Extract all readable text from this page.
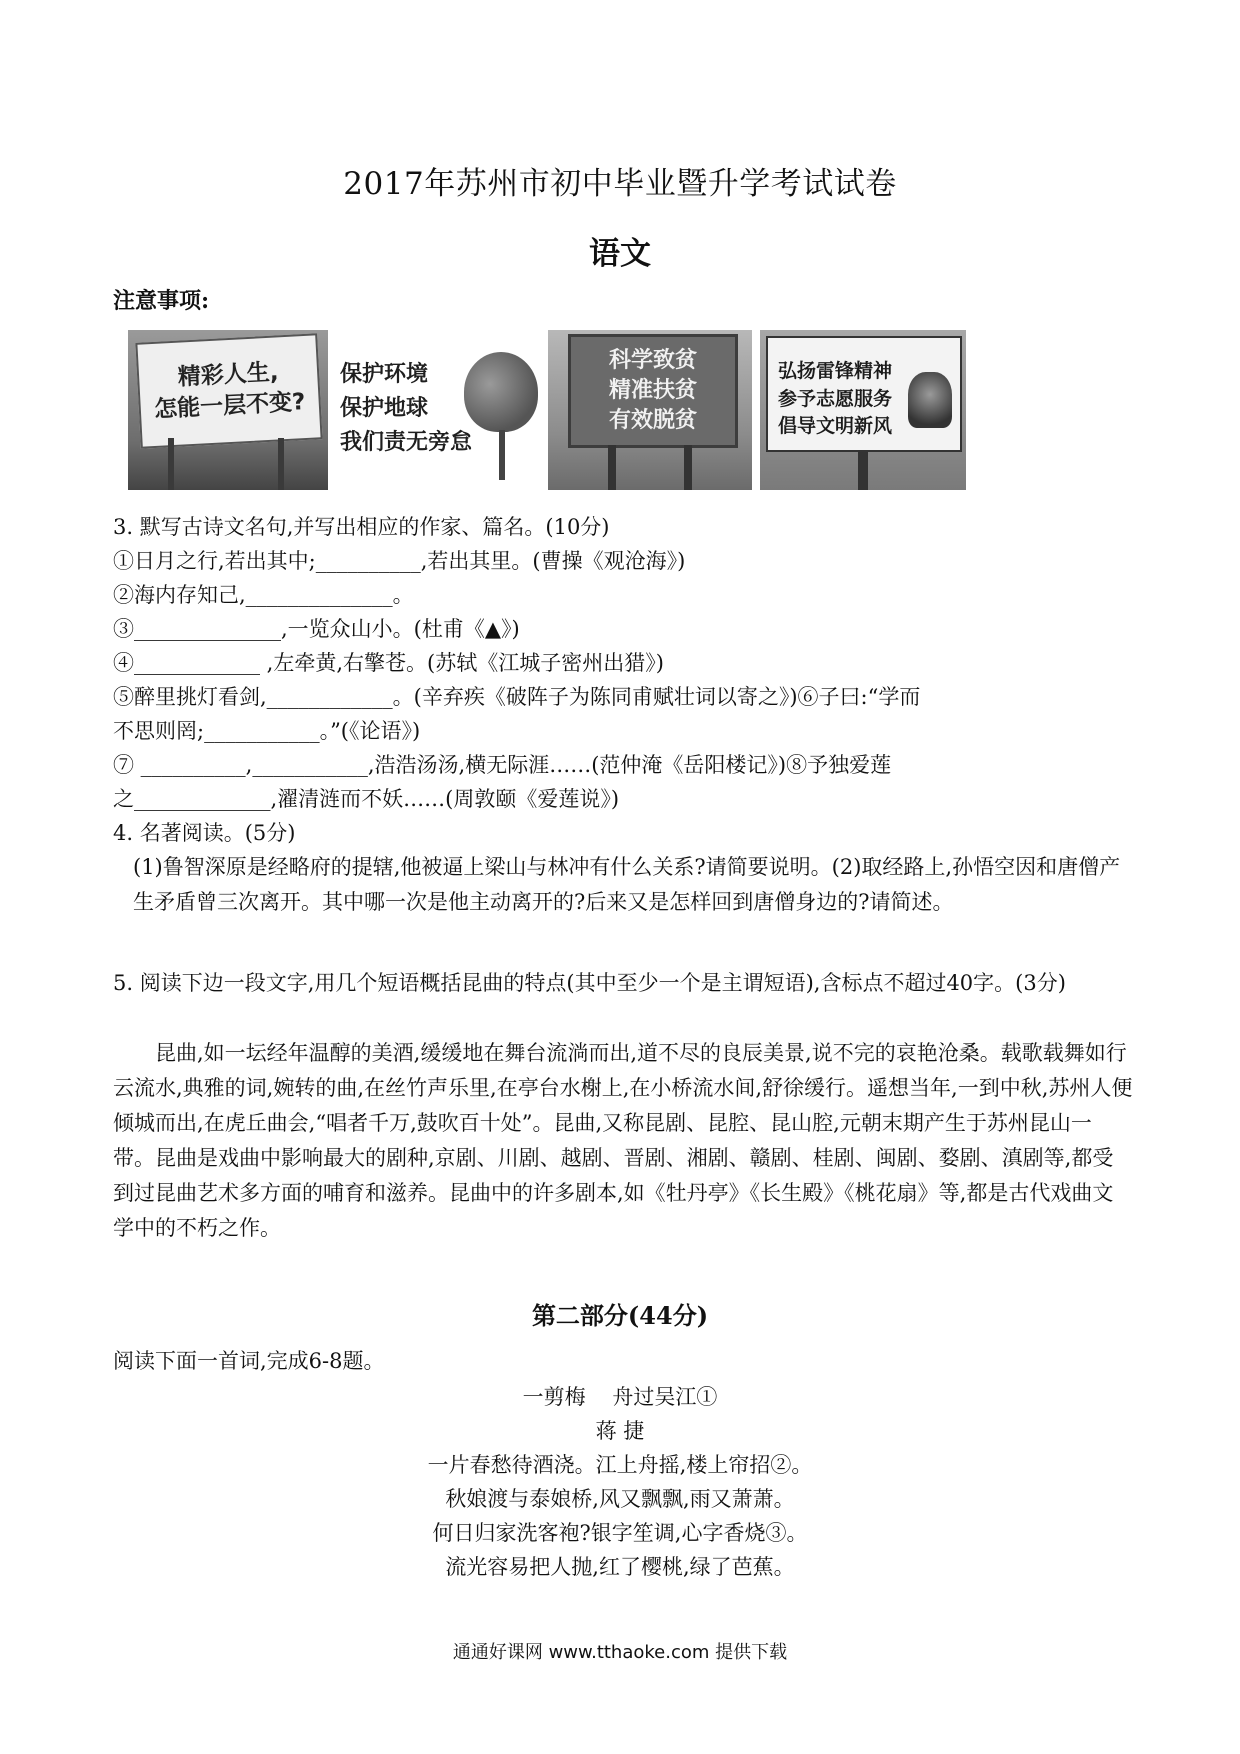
2017年苏州市初中毕业暨升学考试试卷
语文
注意事项:
精彩人生,
怎能一层不变?
保护环境
保护地球
我们责无旁怠
科学致贫
精准扶贫
有效脱贫
弘扬雷锋精神
参予志愿服务
倡导文明新风
3. 默写古诗文名句,并写出相应的作家、篇名。(10分)
①日月之行,若出其中;__________,若出其里。(曹操《观沧海》)
②海内存知己,______________。
③______________,一览众山小。(杜甫《▲》)
④____________ ,左牵黄,右擎苍。(苏轼《江城子密州出猎》)
⑤醉里挑灯看剑,____________。(辛弃疾《破阵子为陈同甫赋壮词以寄之》)⑥子曰:“学而
不思则罔;___________。”(《论语》)
⑦ __________,___________,浩浩汤汤,横无际涯……(范仲淹《岳阳楼记》)⑧予独爱莲
之_____________,濯清涟而不妖……(周敦颐《爱莲说》)
4. 名著阅读。(5分)
(1)鲁智深原是经略府的提辖,他被逼上梁山与林冲有什么关系?请简要说明。(2)取经路上,孙悟空因和唐僧产生矛盾曾三次离开。其中哪一次是他主动离开的?后来又是怎样回到唐僧身边的?请简述。
5. 阅读下边一段文字,用几个短语概括昆曲的特点(其中至少一个是主谓短语),含标点不超过40字。(3分)
昆曲,如一坛经年温醇的美酒,缓缓地在舞台流淌而出,道不尽的良辰美景,说不完的哀艳沧桑。载歌载舞如行云流水,典雅的词,婉转的曲,在丝竹声乐里,在亭台水榭上,在小桥流水间,舒徐缓行。遥想当年,一到中秋,苏州人便倾城而出,在虎丘曲会,“唱者千万,鼓吹百十处”。昆曲,又称昆剧、昆腔、昆山腔,元朝末期产生于苏州昆山一带。昆曲是戏曲中影响最大的剧种,京剧、川剧、越剧、晋剧、湘剧、赣剧、桂剧、闽剧、婺剧、滇剧等,都受到过昆曲艺术多方面的哺育和滋养。昆曲中的许多剧本,如《牡丹亭》《长生殿》《桃花扇》等,都是古代戏曲文学中的不朽之作。
第二部分(44分)
阅读下面一首词,完成6-8题。
一剪梅    舟过吴江①
蒋 捷
一片春愁待酒浇。江上舟摇,楼上帘招②。
秋娘渡与泰娘桥,风又飘飘,雨又萧萧。
何日归家洗客袍?银字笙调,心字香烧③。
流光容易把人抛,红了樱桃,绿了芭蕉。
通通好课网 www.tthaoke.com 提供下载
